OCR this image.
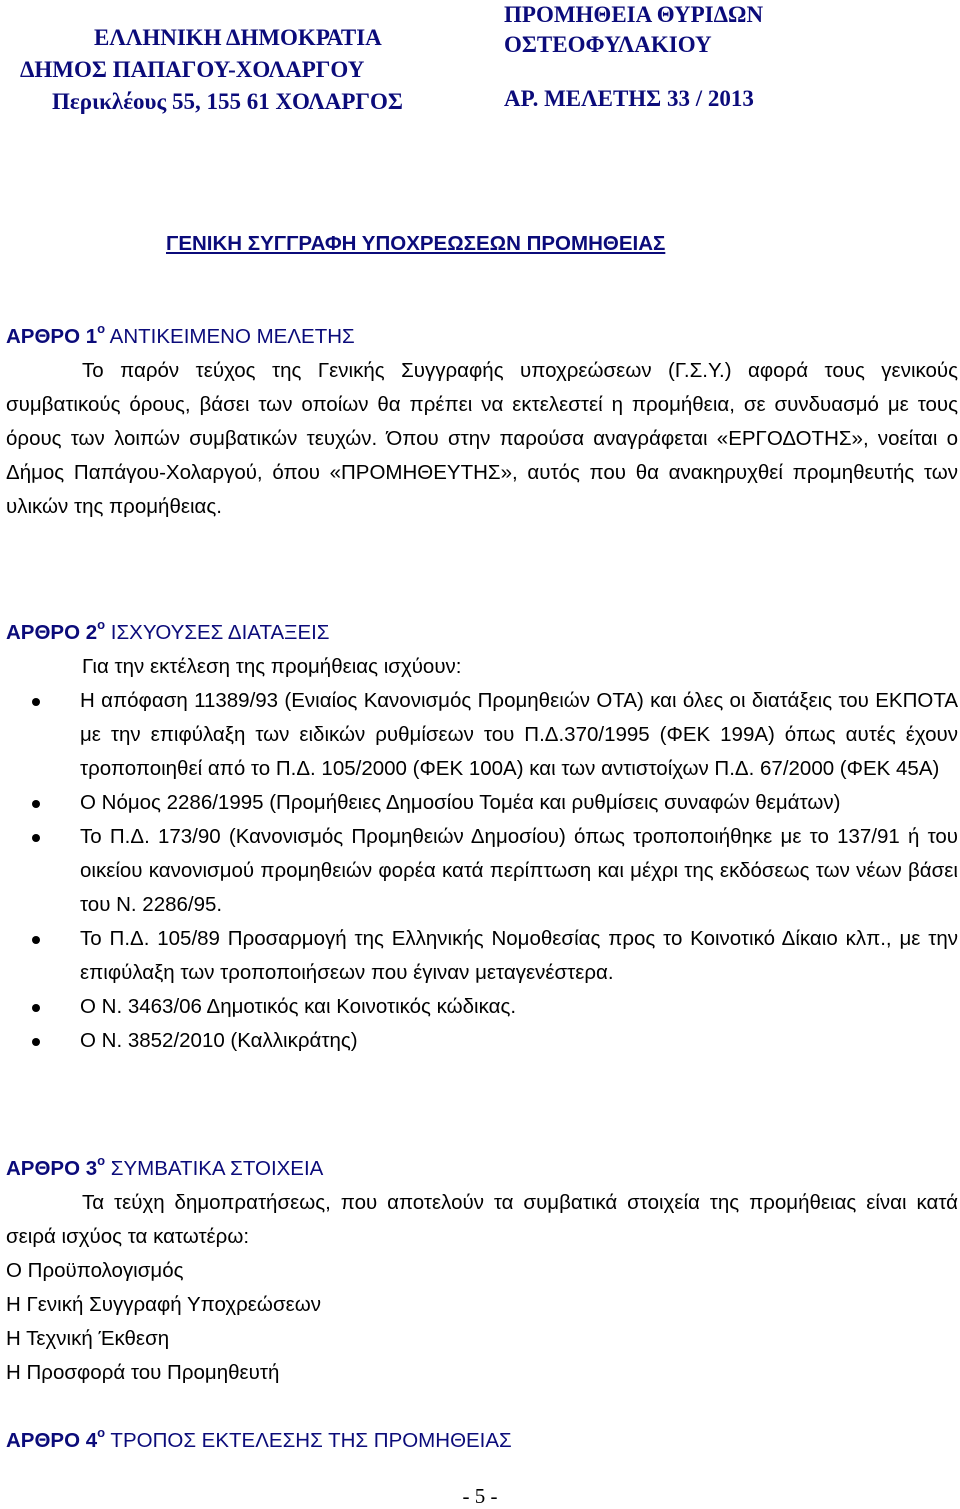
ΕΛΛΗΝΙΚΗ ΔΗΜΟΚΡΑΤΙΑ
ΔΗΜΟΣ ΠΑΠΑΓΟΥ-ΧΟΛΑΡΓΟΥ
Περικλέους 55, 155 61 ΧΟΛΑΡΓΟΣ
ΠΡΟΜΗΘΕΙΑ ΘΥΡΙΔΩΝ
ΟΣΤΕΟΦΥΛΑΚΙΟΥ
ΑΡ. ΜΕΛΕΤΗΣ 33 / 2013
ΓΕΝΙΚΗ ΣΥΓΓΡΑΦΗ ΥΠΟΧΡΕΩΣΕΩΝ ΠΡΟΜΗΘΕΙΑΣ
ΑΡΘΡΟ $1^o$ ΑΝΤΙΚΕΙΜΕΝΟ ΜΕΛΕΤΗΣ
Το παρόν τεύχος της Γενικής Συγγραφής υποχρεώσεων (Γ.Σ.Υ.) αφορά τους γενικούς συμβατικούς όρους, βάσει των οποίων θα πρέπει να εκτελεστεί η προμήθεια, σε συνδυασμό με τους όρους των λοιπών συμβατικών τευχών. Όπου στην παρούσα αναγράφεται «ΕΡΓΟΔΟΤΗΣ», νοείται ο Δήμος Παπάγου-Χολαργού, όπου «ΠΡΟΜΗΘΕΥΤΗΣ», αυτός που θα ανακηρυχθεί προμηθευτής των υλικών της προμήθειας.
ΑΡΘΡΟ $2^o$ ΙΣΧΥΟΥΣΕΣ ΔΙΑΤΑΞΕΙΣ
Για την εκτέλεση της προμήθειας ισχύουν:
Η απόφαση 11389/93 (Ενιαίος Κανονισμός Προμηθειών ΟΤΑ) και όλες οι διατάξεις του ΕΚΠΟΤΑ με την επιφύλαξη των ειδικών ρυθμίσεων του Π.Δ.370/1995 (ΦΕΚ 199Α) όπως αυτές έχουν τροποποιηθεί από το Π.Δ. 105/2000 (ΦΕΚ 100Α) και των αντιστοίχων Π.Δ. 67/2000 (ΦΕΚ 45Α)
Ο Νόμος 2286/1995 (Προμήθειες Δημοσίου Τομέα και ρυθμίσεις συναφών θεμάτων)
Το Π.Δ. 173/90 (Κανονισμός Προμηθειών Δημοσίου) όπως τροποποιήθηκε με το 137/91 ή του οικείου κανονισμού προμηθειών φορέα κατά περίπτωση και μέχρι της εκδόσεως των νέων βάσει του Ν. 2286/95.
Το Π.Δ. 105/89 Προσαρμογή της Ελληνικής Νομοθεσίας προς το Κοινοτικό Δίκαιο κλπ., με την επιφύλαξη των τροποποιήσεων που έγιναν μεταγενέστερα.
Ο Ν. 3463/06 Δημοτικός και Κοινοτικός κώδικας.
Ο Ν. 3852/2010 (Καλλικράτης)
ΑΡΘΡΟ $3^o$ ΣΥΜΒΑΤΙΚΑ ΣΤΟΙΧΕΙΑ
Τα τεύχη δημοπρατήσεως, που αποτελούν τα συμβατικά στοιχεία της προμήθειας είναι κατά σειρά ισχύος τα κατωτέρω:
Ο Προϋπολογισμός
Η Γενική Συγγραφή Υποχρεώσεων
Η Τεχνική Έκθεση
Η Προσφορά του Προμηθευτή
ΑΡΘΡΟ $4^o$ ΤΡΟΠΟΣ ΕΚΤΕΛΕΣΗΣ ΤΗΣ ΠΡΟΜΗΘΕΙΑΣ
- 5 -
